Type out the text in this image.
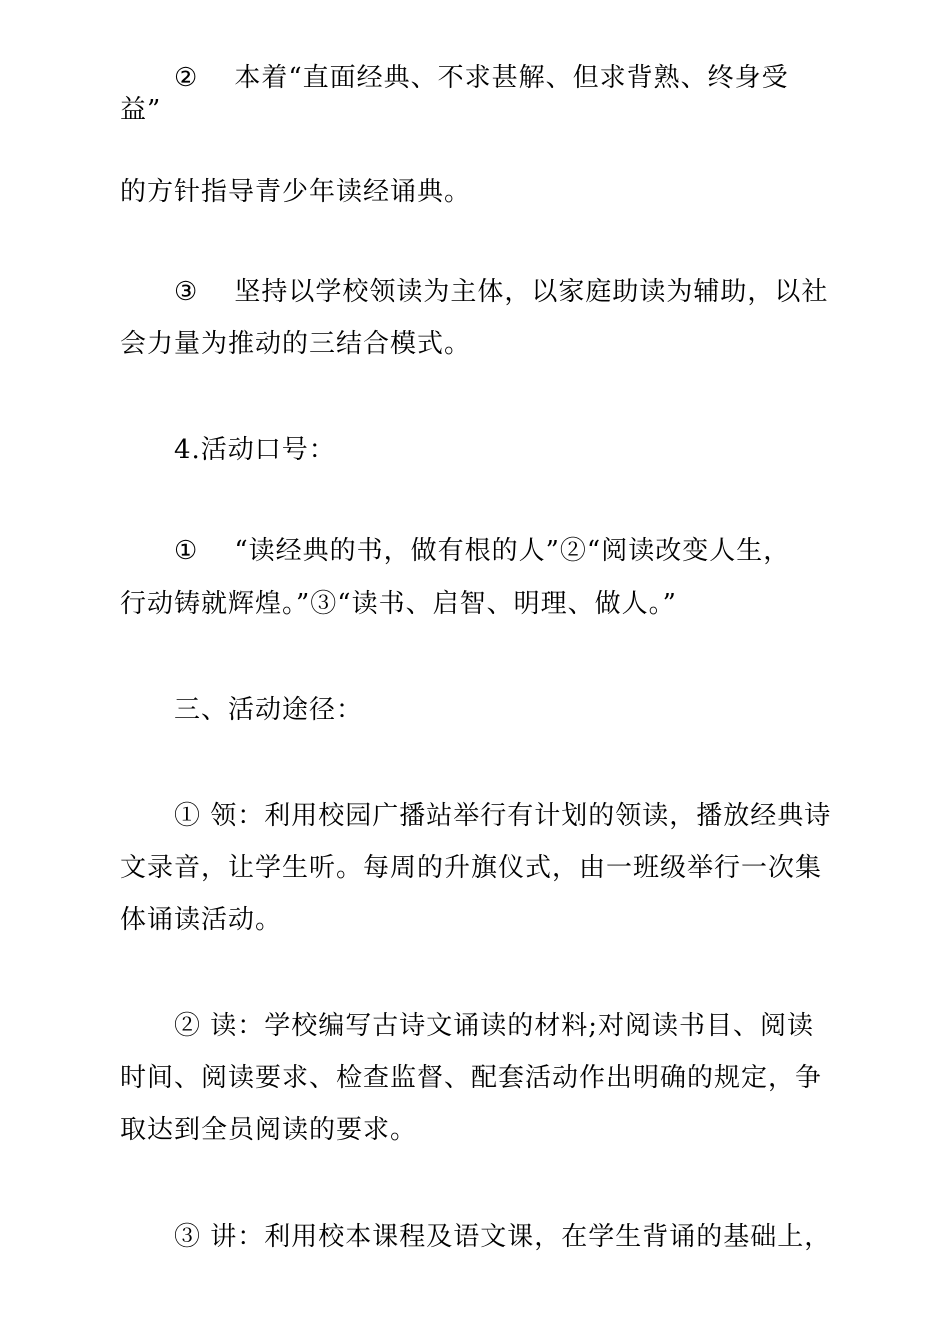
② 本着“直面经典、不求甚解、但求背熟、终身受
益”
的方针指导青少年读经诵典。
③ 坚持以学校领读为主体，以家庭助读为辅助，以社
会力量为推动的三结合模式。
4.活动口号：
① “读经典的书，做有根的人”②“阅读改变人生，
行动铸就辉煌。”③“读书、启智、明理、做人。”
三、活动途径：
① 领：利用校园广播站举行有计划的领读，播放经典诗
文录音，让学生听。每周的升旗仪式，由一班级举行一次集
体诵读活动。
② 读：学校编写古诗文诵读的材料;对阅读书目、阅读
时间、阅读要求、检查监督、配套活动作出明确的规定，争
取达到全员阅读的要求。
③ 讲：利用校本课程及语文课，在学生背诵的基础上，
